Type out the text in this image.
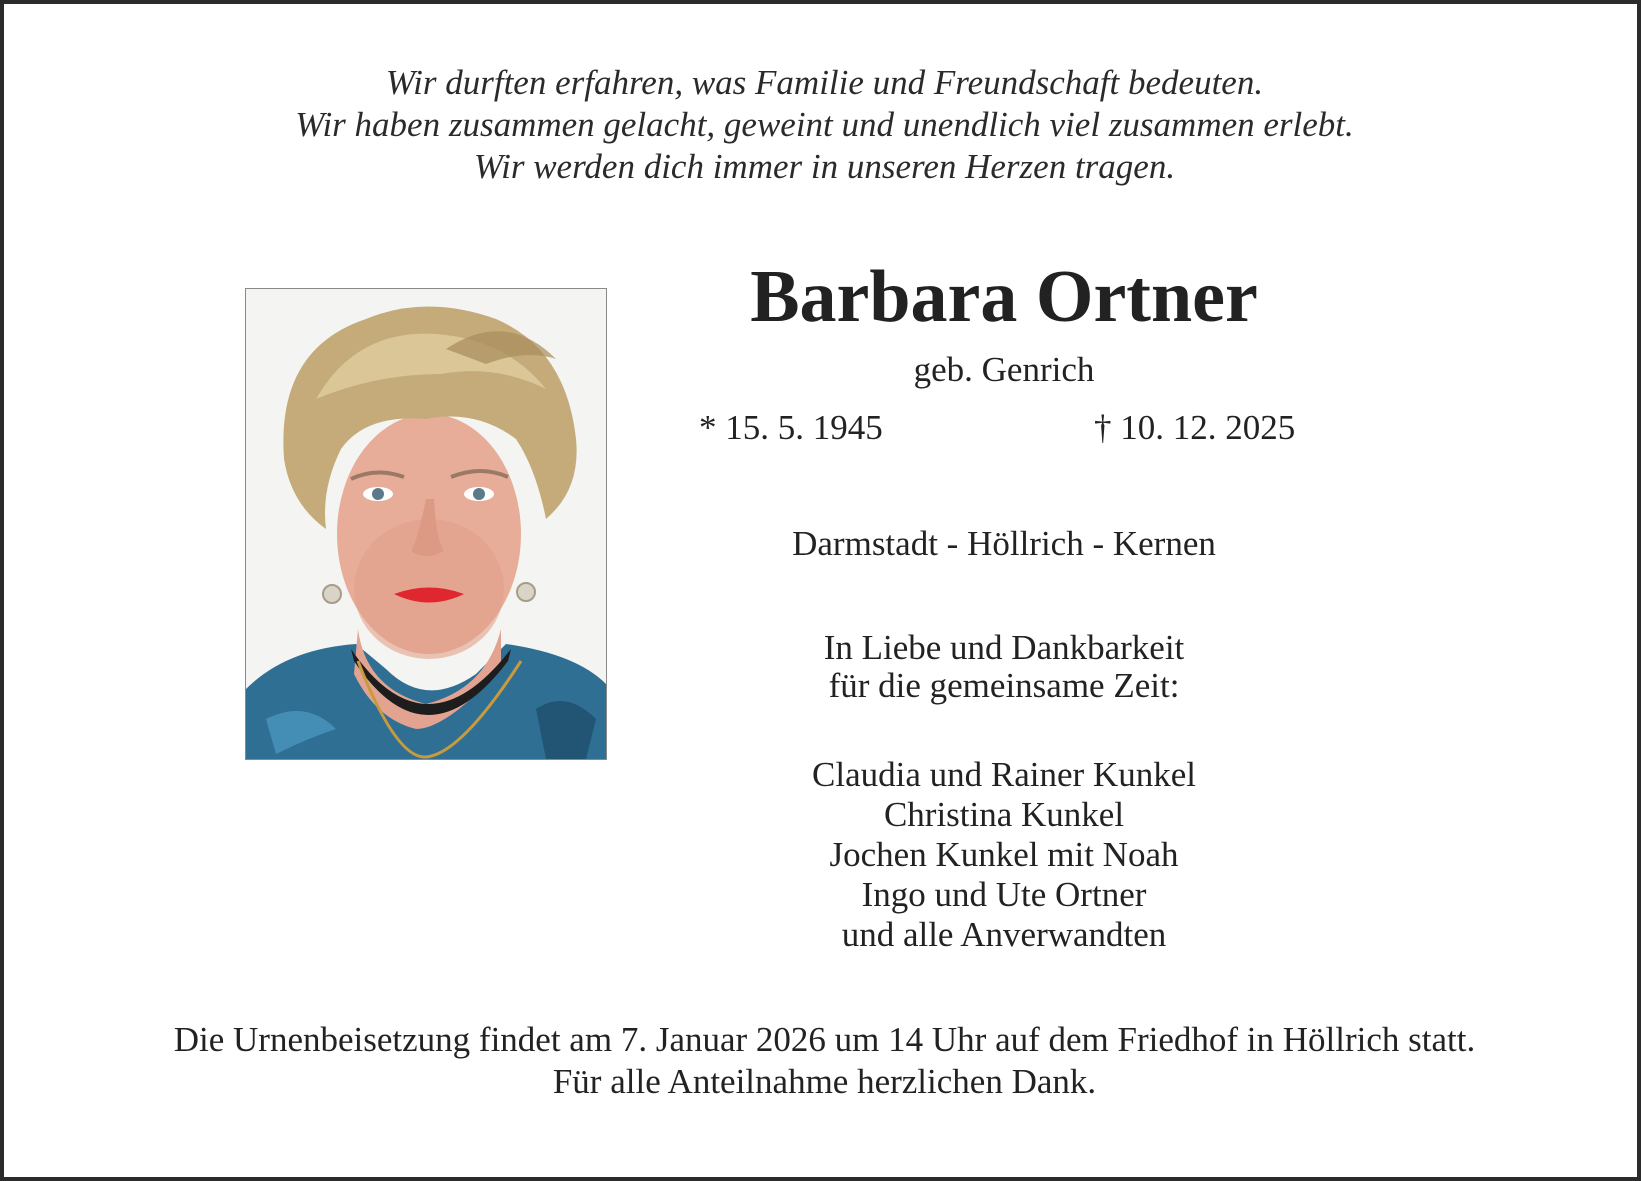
Wir durften erfahren, was Familie und Freundschaft bedeuten.
Wir haben zusammen gelacht, geweint und unendlich viel zusammen erlebt.
Wir werden dich immer in unseren Herzen tragen.
Barbara Ortner
geb. Genrich
* 15. 5. 1945	† 10. 12. 2025
Darmstadt - Höllrich - Kernen
In Liebe und Dankbarkeit
für die gemeinsame Zeit:
Claudia und Rainer Kunkel
Christina Kunkel
Jochen Kunkel mit Noah
Ingo und Ute Ortner
und alle Anverwandten
Die Urnenbeisetzung findet am 7. Januar 2026 um 14 Uhr auf dem Friedhof in Höllrich statt.
Für alle Anteilnahme herzlichen Dank.
